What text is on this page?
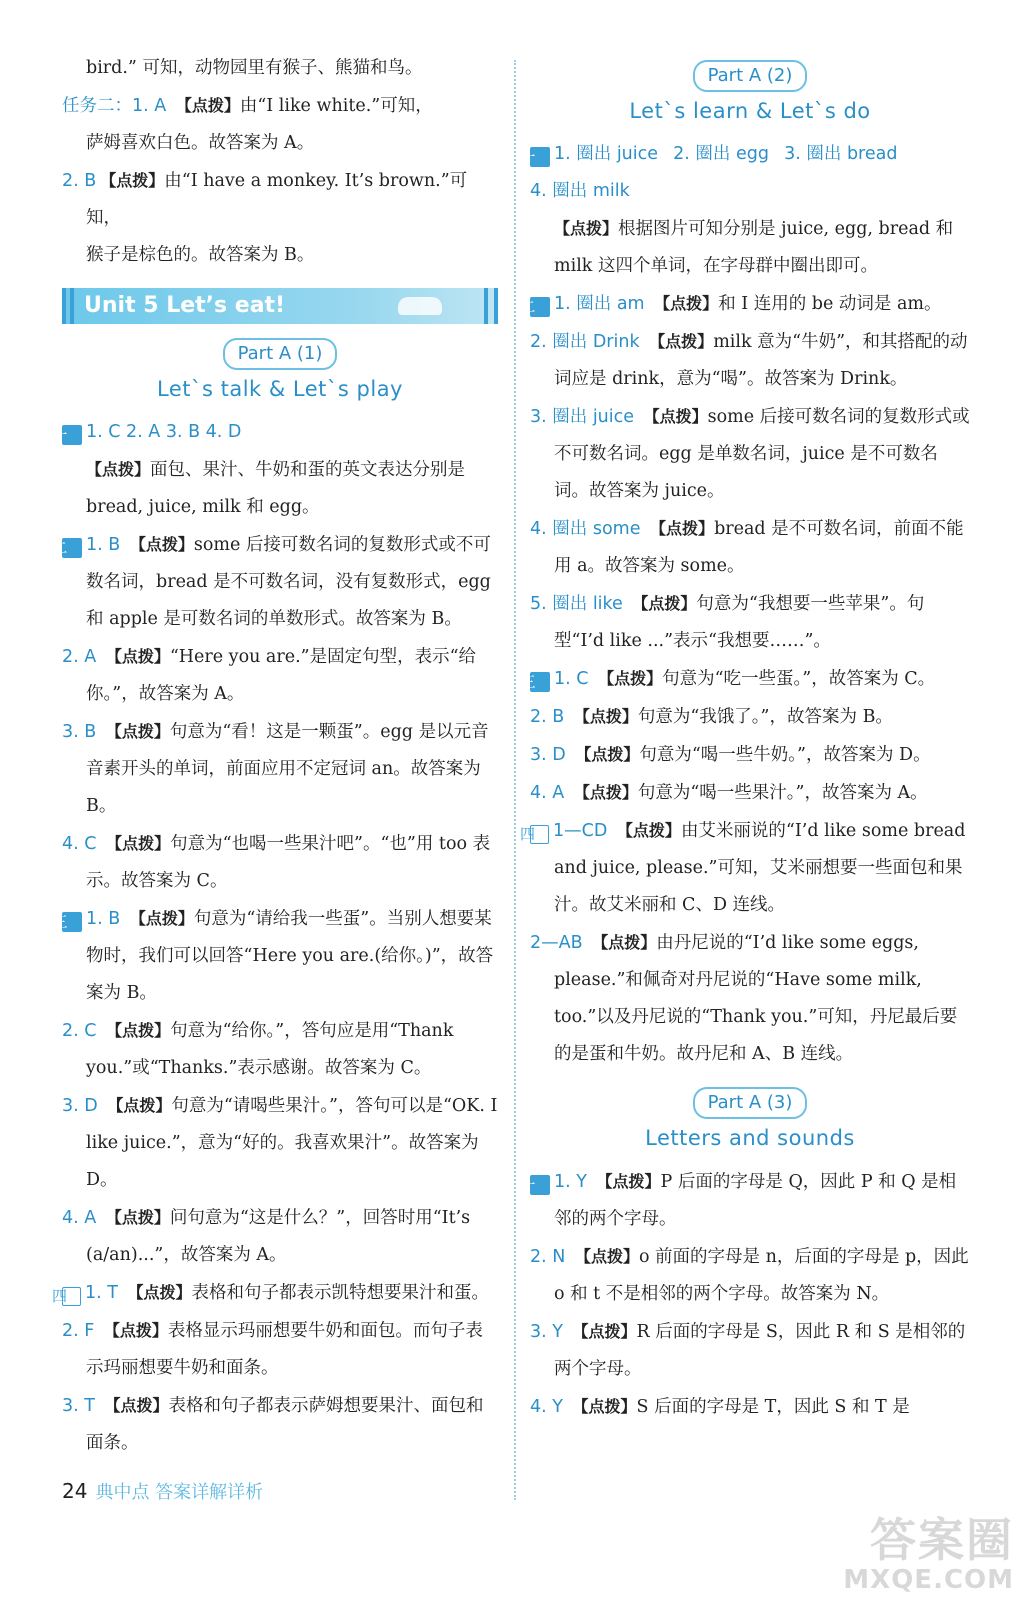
bird.” 可知，动物园里有猴子、熊猫和鸟。

任务二：1. A 【点拨】由“I like white.”可知，
萨姆喜欢白色。故答案为 A。

2. B 【点拨】由“I have a monkey. It’s brown.”可知，
猴子是棕色的。故答案为 B。

Unit 5 Let’s eat!
Part A (1)
Let`s talk & Let`s play

一 1. C 2. A 3. B 4. D

【点拨】面包、果汁、牛奶和蛋的英文表达分别是 bread, juice, milk 和 egg。

二 1. B 【点拨】some 后接可数名词的复数形式或不可数名词，bread 是不可数名词，没有复数形式，egg 和 apple 是可数名词的单数形式。故答案为 B。

2. A 【点拨】“Here you are.”是固定句型，表示“给你。”，故答案为 A。

3. B 【点拨】句意为“看！这是一颗蛋”。egg 是以元音音素开头的单词，前面应用不定冠词 an。故答案为 B。

4. C 【点拨】句意为“也喝一些果汁吧”。“也”用 too 表示。故答案为 C。

三 1. B 【点拨】句意为“请给我一些蛋”。当别人想要某物时，我们可以回答“Here you are.(给你。)”，故答案为 B。

2. C 【点拨】句意为“给你。”，答句应是用“Thank you.”或“Thanks.”表示感谢。故答案为 C。

3. D 【点拨】句意为“请喝些果汁。”，答句可以是“OK. I like juice.”，意为“好的。我喜欢果汁”。故答案为 D。

4. A 【点拨】问句意为“这是什么？”，回答时用“It’s (a/an)...”，故答案为 A。

四 1. T 【点拨】表格和句子都表示凯特想要果汁和蛋。

2. F 【点拨】表格显示玛丽想要牛奶和面包。而句子表示玛丽想要牛奶和面条。

3. T 【点拨】表格和句子都表示萨姆想要果汁、面包和面条。

Part A (2)
Let`s learn & Let`s do

一 1. 圈出 juice 2. 圈出 egg 3. 圈出 bread

4. 圈出 milk

【点拨】根据图片可知分别是 juice, egg, bread 和 milk 这四个单词，在字母群中圈出即可。

二 1. 圈出 am 【点拨】和 I 连用的 be 动词是 am。

2. 圈出 Drink 【点拨】milk 意为“牛奶”，和其搭配的动词应是 drink，意为“喝”。故答案为 Drink。

3. 圈出 juice 【点拨】some 后接可数名词的复数形式或不可数名词。egg 是单数名词，juice 是不可数名词。故答案为 juice。

4. 圈出 some 【点拨】bread 是不可数名词，前面不能用 a。故答案为 some。

5. 圈出 like 【点拨】句意为“我想要一些苹果”。句型“I’d like ...”表示“我想要……”。

三 1. C 【点拨】句意为“吃一些蛋。”，故答案为 C。

2. B 【点拨】句意为“我饿了。”，故答案为 B。

3. D 【点拨】句意为“喝一些牛奶。”，故答案为 D。

4. A 【点拨】句意为“喝一些果汁。”，故答案为 A。

四 1—CD 【点拨】由艾米丽说的“I’d like some bread and juice, please.”可知，艾米丽想要一些面包和果汁。故艾米丽和 C、D 连线。

2—AB 【点拨】由丹尼说的“I’d like some eggs, please.”和佩奇对丹尼说的“Have some milk, too.”以及丹尼说的“Thank you.”可知，丹尼最后要的是蛋和牛奶。故丹尼和 A、B 连线。

Part A (3)
Letters and sounds

一 1. Y 【点拨】P 后面的字母是 Q，因此 P 和 Q 是相邻的两个字母。

2. N 【点拨】o 前面的字母是 n，后面的字母是 p，因此 o 和 t 不是相邻的两个字母。故答案为 N。

3. Y 【点拨】R 后面的字母是 S，因此 R 和 S 是相邻的两个字母。

4. Y 【点拨】S 后面的字母是 T，因此 S 和 T 是

24 典中点 答案详解详析
答案圈
MXQE.COM
